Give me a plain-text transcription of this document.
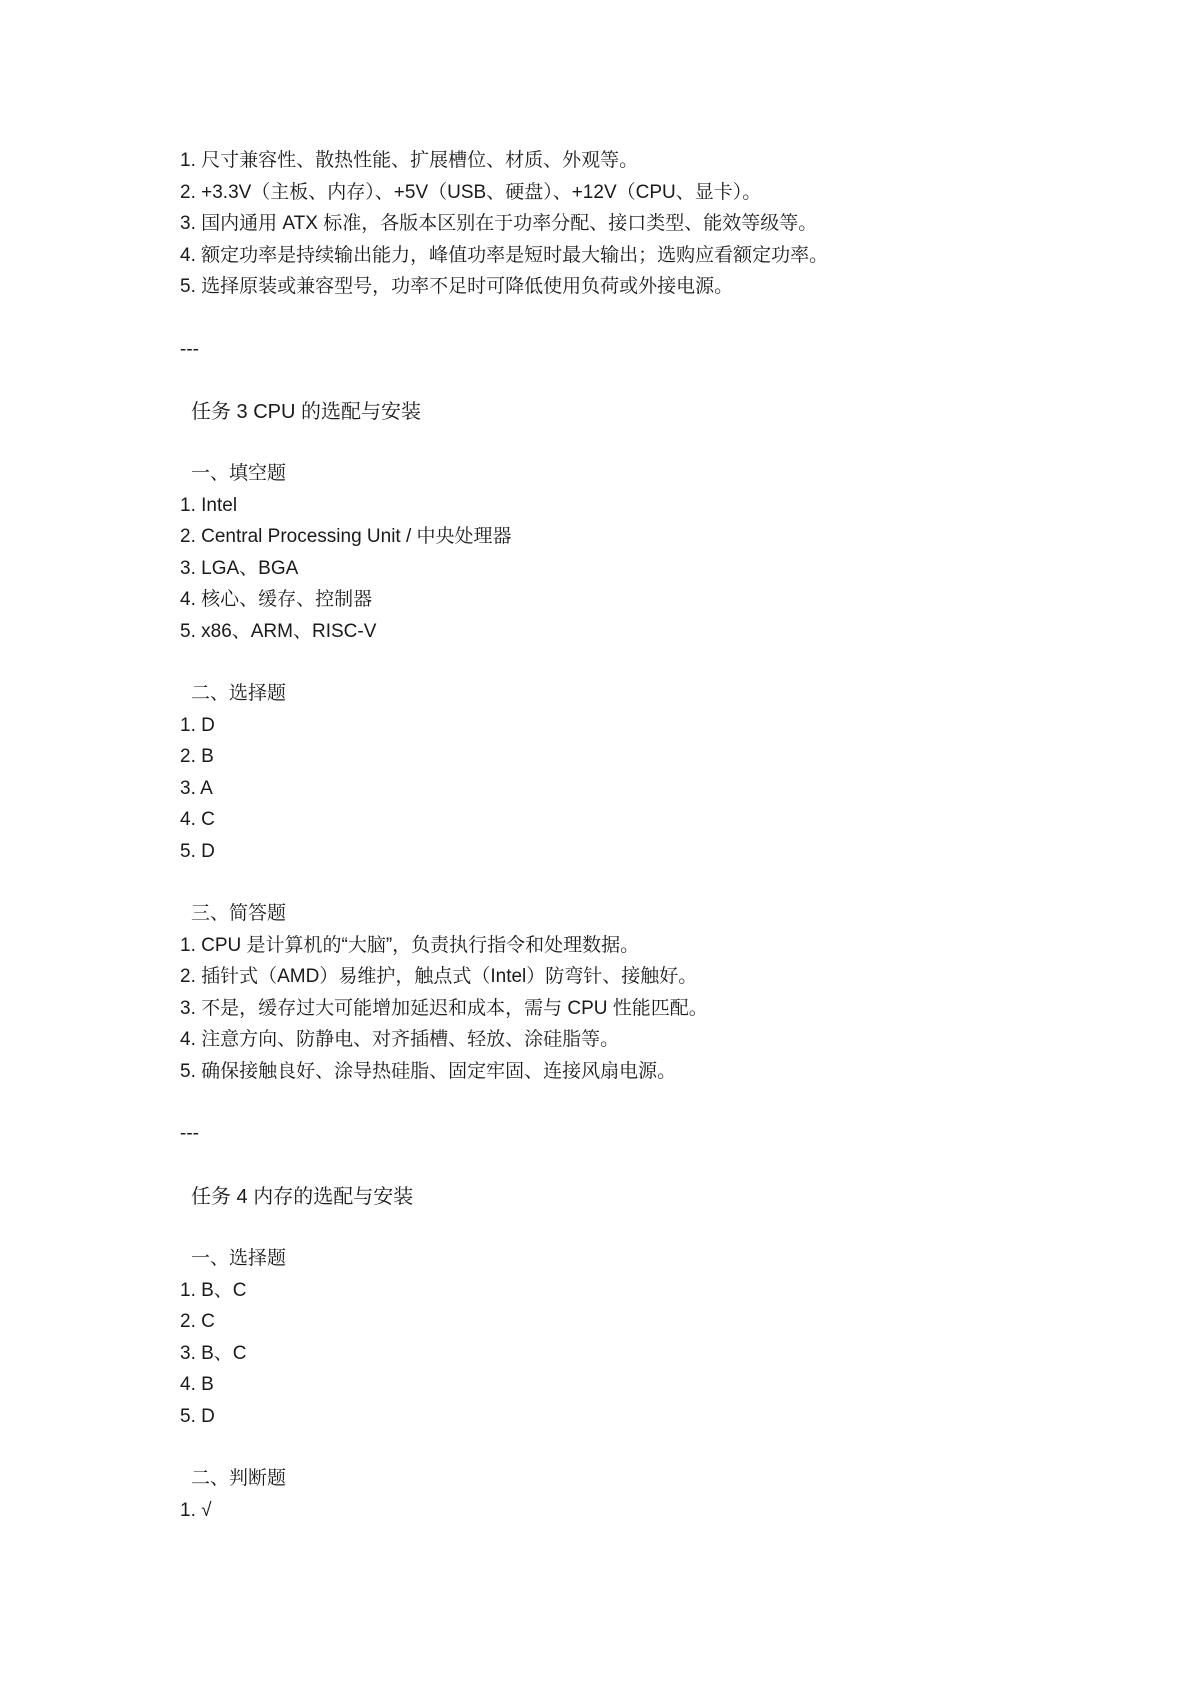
1. 尺寸兼容性、散热性能、扩展槽位、材质、外观等。

2. +3.3V（主板、内存）、+5V（USB、硬盘）、+12V（CPU、显卡）。

3. 国内通用 ATX 标准，各版本区别在于功率分配、接口类型、能效等级等。

4. 额定功率是持续输出能力，峰值功率是短时最大输出；选购应看额定功率。

5. 选择原装或兼容型号，功率不足时可降低使用负荷或外接电源。

---

任务 3 CPU 的选配与安装

一、填空题

1. Intel

2. Central Processing Unit / 中央处理器

3. LGA、BGA

4. 核心、缓存、控制器

5. x86、ARM、RISC-V

二、选择题

1. D

2. B

3. A

4. C

5. D

三、简答题

1. CPU 是计算机的“大脑”，负责执行指令和处理数据。

2. 插针式（AMD）易维护，触点式（Intel）防弯针、接触好。

3. 不是，缓存过大可能增加延迟和成本，需与 CPU 性能匹配。

4. 注意方向、防静电、对齐插槽、轻放、涂硅脂等。

5. 确保接触良好、涂导热硅脂、固定牢固、连接风扇电源。

---

任务 4 内存的选配与安装

一、选择题

1. B、C

2. C

3. B、C

4. B

5. D

二、判断题

1. √
